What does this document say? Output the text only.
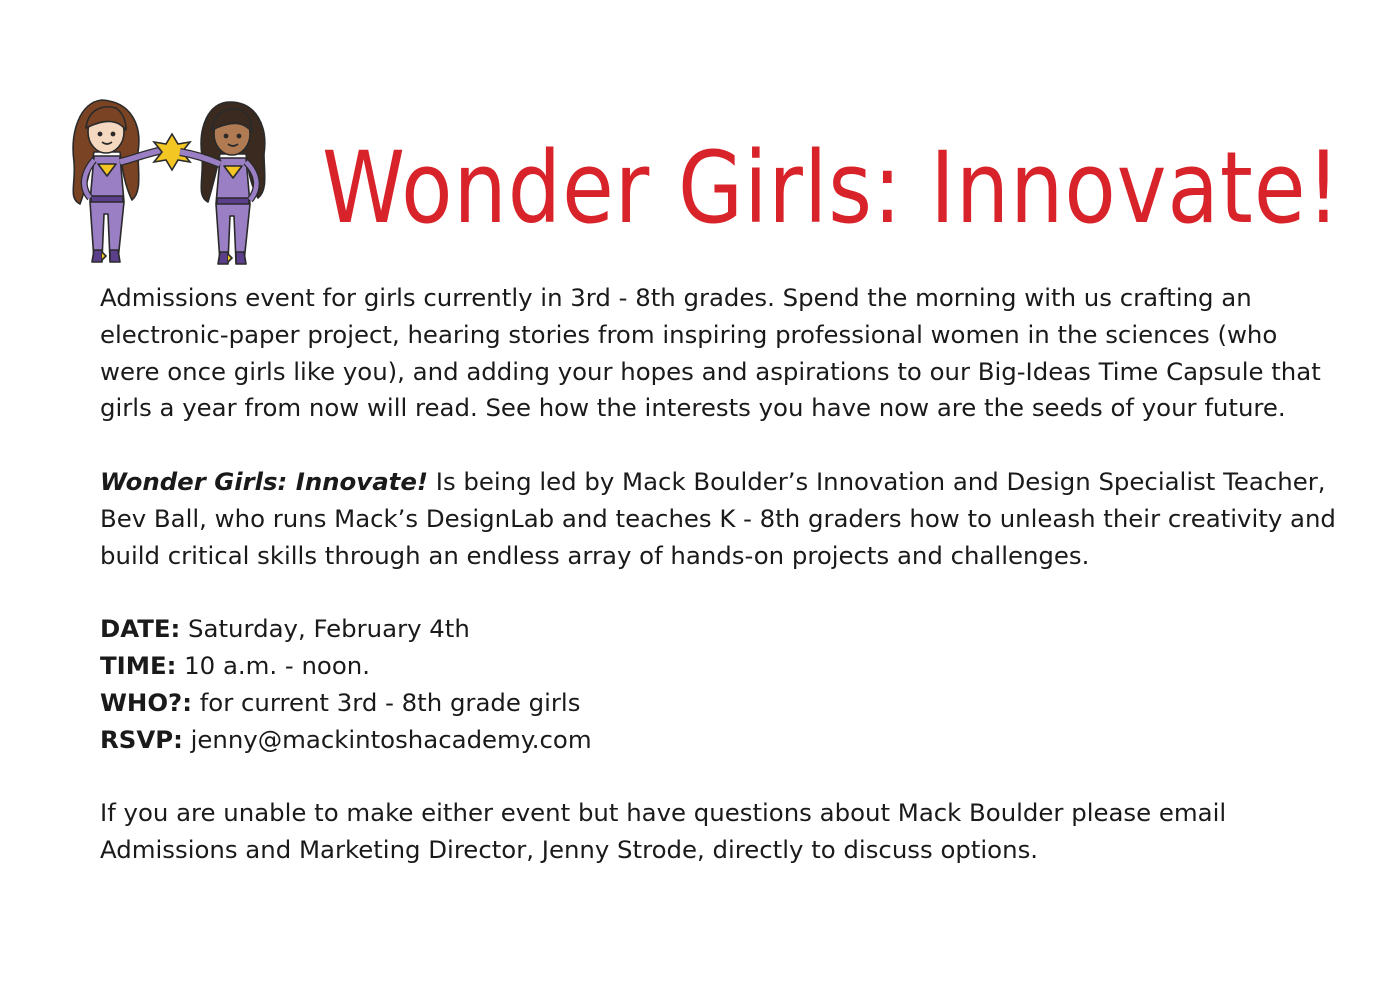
Wonder Girls: Innovate!

Admissions event for girls currently in 3rd - 8th grades. Spend the morning with us crafting an electronic-paper project, hearing stories from inspiring professional women in the sciences (who were once girls like you), and adding your hopes and aspirations to our Big-Ideas Time Capsule that girls a year from now will read. See how the interests you have now are the seeds of your future.

Wonder Girls: Innovate! Is being led by Mack Boulder’s Innovation and Design Specialist Teacher, Bev Ball, who runs Mack’s DesignLab and teaches K - 8th graders how to unleash their creativity and build critical skills through an endless array of hands-on projects and challenges.

DATE: Saturday, February 4th

TIME: 10 a.m. - noon.

WHO?: for current 3rd - 8th grade girls

RSVP: jenny@mackintoshacademy.com

If you are unable to make either event but have questions about Mack Boulder please email Admissions and Marketing Director, Jenny Strode, directly to discuss options.
